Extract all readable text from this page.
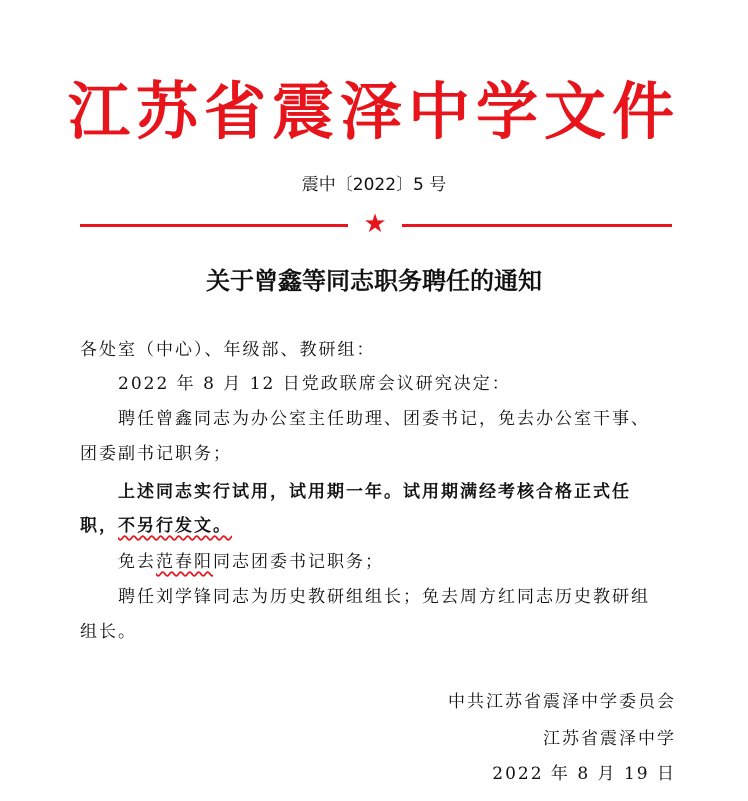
江苏省震泽中学文件
震中〔2022〕5 号
★
关于曾鑫等同志职务聘任的通知
各处室（中心）、年级部、教研组：
2022 年 8 月 12 日党政联席会议研究决定：
聘任曾鑫同志为办公室主任助理、团委书记，免去办公室干事、
团委副书记职务；
上述同志实行试用，试用期一年。试用期满经考核合格正式任
职，不另行发文。
免去范春阳同志团委书记职务；
聘任刘学锋同志为历史教研组组长；免去周方红同志历史教研组
组长。
中共江苏省震泽中学委员会
江苏省震泽中学
2022 年 8 月 19 日
